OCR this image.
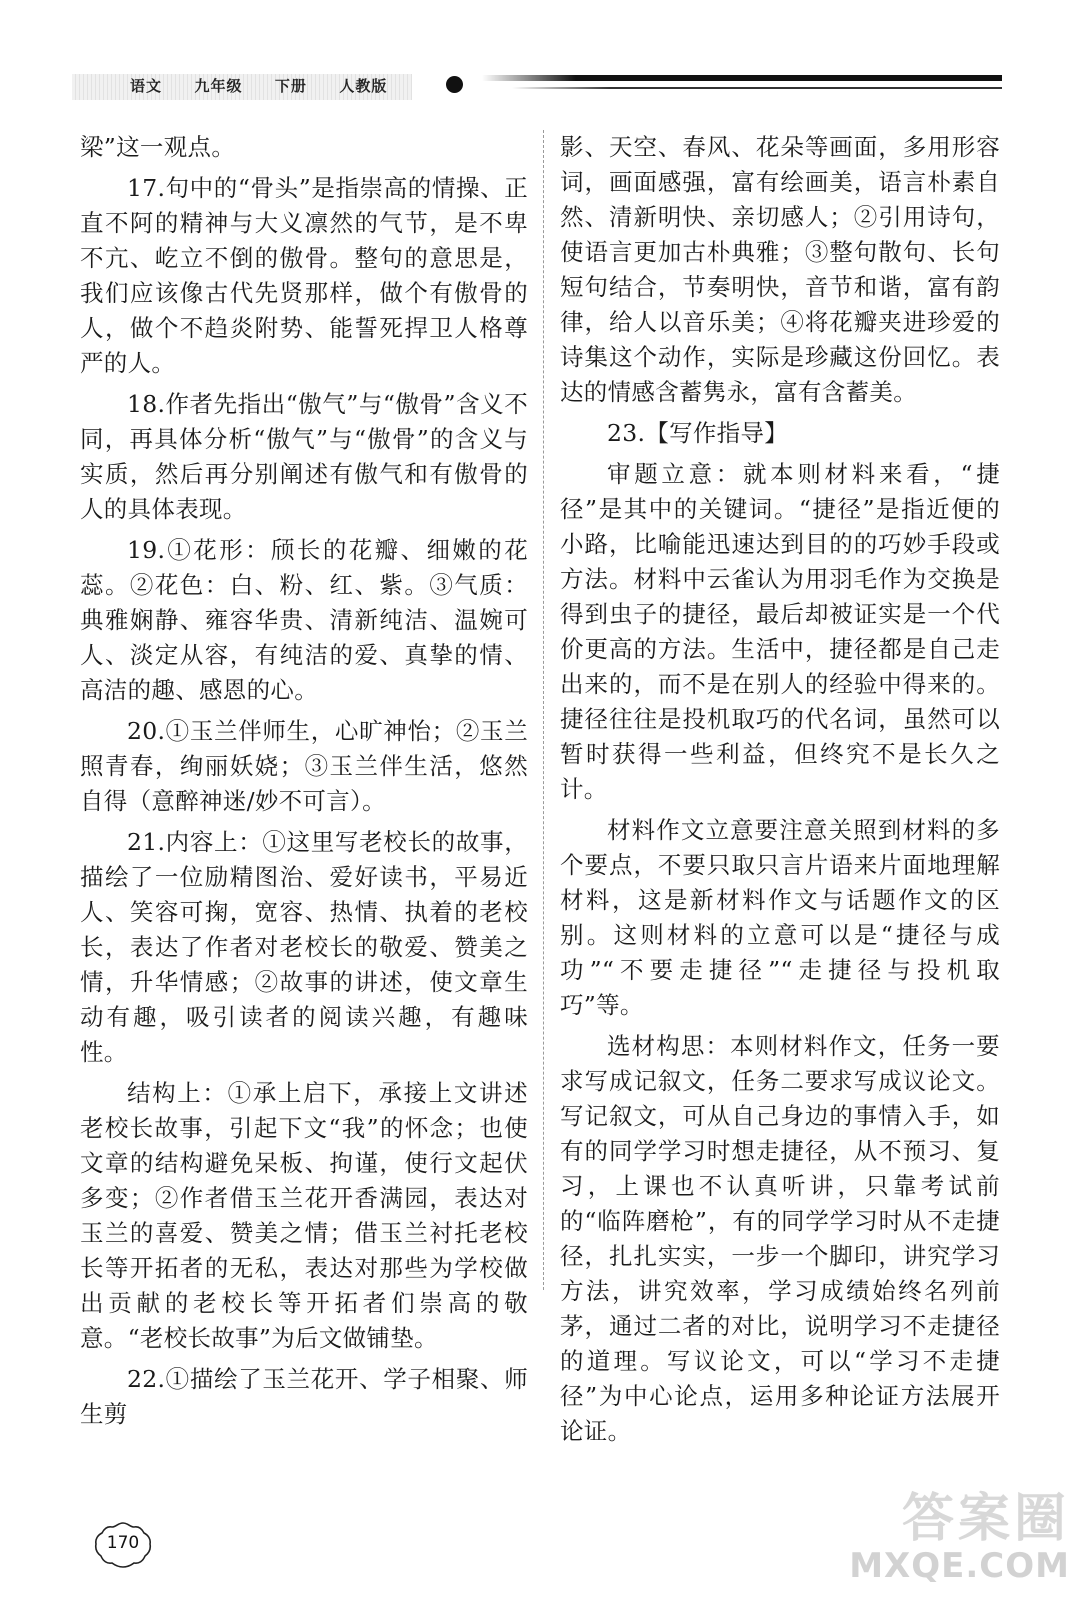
语文  九年级  下册  人教版

梁”这一观点。

17.句中的“骨头”是指崇高的情操、正直不阿的精神与大义凛然的气节，是不卑不亢、屹立不倒的傲骨。整句的意思是，我们应该像古代先贤那样，做个有傲骨的人，做个不趋炎附势、能誓死捍卫人格尊严的人。

18.作者先指出“傲气”与“傲骨”含义不同，再具体分析“傲气”与“傲骨”的含义与实质，然后再分别阐述有傲气和有傲骨的人的具体表现。

19.①花形：颀长的花瓣、细嫩的花蕊。②花色：白、粉、红、紫。③气质：典雅娴静、雍容华贵、清新纯洁、温婉可人、淡定从容，有纯洁的爱、真挚的情、高洁的趣、感恩的心。

20.①玉兰伴师生，心旷神怡；②玉兰照青春，绚丽妖娆；③玉兰伴生活，悠然自得（意醉神迷/妙不可言）。

21.内容上：①这里写老校长的故事，描绘了一位励精图治、爱好读书，平易近人、笑容可掬，宽容、热情、执着的老校长，表达了作者对老校长的敬爱、赞美之情，升华情感；②故事的讲述，使文章生动有趣，吸引读者的阅读兴趣，有趣味性。

结构上：①承上启下，承接上文讲述老校长故事，引起下文“我”的怀念；也使文章的结构避免呆板、拘谨，使行文起伏多变；②作者借玉兰花开香满园，表达对玉兰的喜爱、赞美之情；借玉兰衬托老校长等开拓者的无私，表达对那些为学校做出贡献的老校长等开拓者们崇高的敬意。“老校长故事”为后文做铺垫。

22.①描绘了玉兰花开、学子相聚、师生剪

影、天空、春风、花朵等画面，多用形容词，画面感强，富有绘画美，语言朴素自然、清新明快、亲切感人；②引用诗句，使语言更加古朴典雅；③整句散句、长句短句结合，节奏明快，音节和谐，富有韵律，给人以音乐美；④将花瓣夹进珍爱的诗集这个动作，实际是珍藏这份回忆。表达的情感含蓄隽永，富有含蓄美。

23.【写作指导】

审题立意：就本则材料来看，“捷径”是其中的关键词。“捷径”是指近便的小路，比喻能迅速达到目的的巧妙手段或方法。材料中云雀认为用羽毛作为交换是得到虫子的捷径，最后却被证实是一个代价更高的方法。生活中，捷径都是自己走出来的，而不是在别人的经验中得来的。捷径往往是投机取巧的代名词，虽然可以暂时获得一些利益，但终究不是长久之计。

材料作文立意要注意关照到材料的多个要点，不要只取只言片语来片面地理解材料，这是新材料作文与话题作文的区别。这则材料的立意可以是“捷径与成功”“不要走捷径”“走捷径与投机取巧”等。

选材构思：本则材料作文，任务一要求写成记叙文，任务二要求写成议论文。写记叙文，可从自己身边的事情入手，如有的同学学习时想走捷径，从不预习、复习，上课也不认真听讲，只靠考试前的“临阵磨枪”，有的同学学习时从不走捷径，扎扎实实，一步一个脚印，讲究学习方法，讲究效率，学习成绩始终名列前茅，通过二者的对比，说明学习不走捷径的道理。写议论文，可以“学习不走捷径”为中心论点，运用多种论证方法展开论证。

170	答案圈
MXQE.COM
